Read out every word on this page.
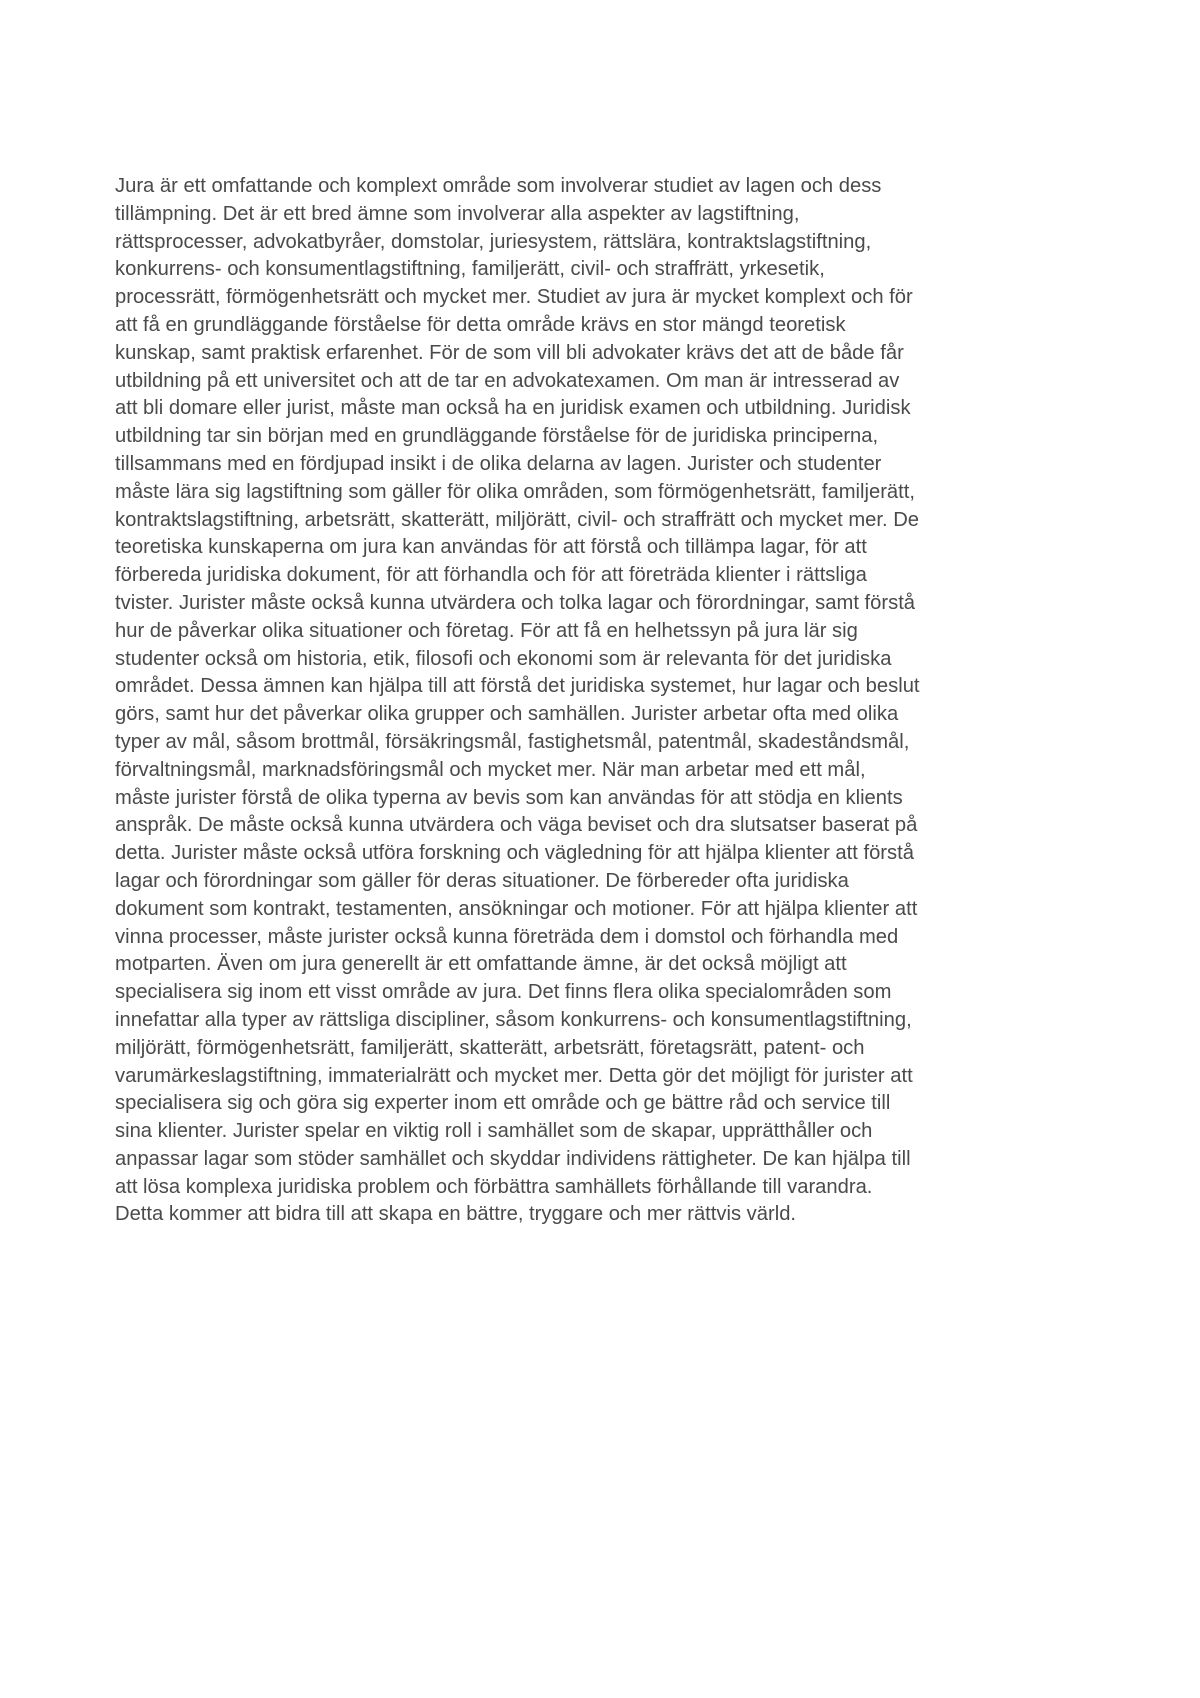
Jura är ett omfattande och komplext område som involverar studiet av lagen och dess
tillämpning. Det är ett bred ämne som involverar alla aspekter av lagstiftning,
rättsprocesser, advokatbyråer, domstolar, juriesystem, rättslära, kontraktslagstiftning,
konkurrens- och konsumentlagstiftning, familjerätt, civil- och straffrätt, yrkesetik,
processrätt, förmögenhetsrätt och mycket mer. Studiet av jura är mycket komplext och för
att få en grundläggande förståelse för detta område krävs en stor mängd teoretisk
kunskap, samt praktisk erfarenhet. För de som vill bli advokater krävs det att de både får
utbildning på ett universitet och att de tar en advokatexamen. Om man är intresserad av
att bli domare eller jurist, måste man också ha en juridisk examen och utbildning. Juridisk
utbildning tar sin början med en grundläggande förståelse för de juridiska principerna,
tillsammans med en fördjupad insikt i de olika delarna av lagen. Jurister och studenter
måste lära sig lagstiftning som gäller för olika områden, som förmögenhetsrätt, familjerätt,
kontraktslagstiftning, arbetsrätt, skatterätt, miljörätt, civil- och straffrätt och mycket mer. De
teoretiska kunskaperna om jura kan användas för att förstå och tillämpa lagar, för att
förbereda juridiska dokument, för att förhandla och för att företräda klienter i rättsliga
tvister. Jurister måste också kunna utvärdera och tolka lagar och förordningar, samt förstå
hur de påverkar olika situationer och företag. För att få en helhetssyn på jura lär sig
studenter också om historia, etik, filosofi och ekonomi som är relevanta för det juridiska
området. Dessa ämnen kan hjälpa till att förstå det juridiska systemet, hur lagar och beslut
görs, samt hur det påverkar olika grupper och samhällen. Jurister arbetar ofta med olika
typer av mål, såsom brottmål, försäkringsmål, fastighetsmål, patentmål, skadeståndsmål,
förvaltningsmål, marknadsföringsmål och mycket mer. När man arbetar med ett mål,
måste jurister förstå de olika typerna av bevis som kan användas för att stödja en klients
anspråk. De måste också kunna utvärdera och väga beviset och dra slutsatser baserat på
detta. Jurister måste också utföra forskning och vägledning för att hjälpa klienter att förstå
lagar och förordningar som gäller för deras situationer. De förbereder ofta juridiska
dokument som kontrakt, testamenten, ansökningar och motioner. För att hjälpa klienter att
vinna processer, måste jurister också kunna företräda dem i domstol och förhandla med
motparten. Även om jura generellt är ett omfattande ämne, är det också möjligt att
specialisera sig inom ett visst område av jura. Det finns flera olika specialområden som
innefattar alla typer av rättsliga discipliner, såsom konkurrens- och konsumentlagstiftning,
miljörätt, förmögenhetsrätt, familjerätt, skatterätt, arbetsrätt, företagsrätt, patent- och
varumärkeslagstiftning, immaterialrätt och mycket mer. Detta gör det möjligt för jurister att
specialisera sig och göra sig experter inom ett område och ge bättre råd och service till
sina klienter. Jurister spelar en viktig roll i samhället som de skapar, upprätthåller och
anpassar lagar som stöder samhället och skyddar individens rättigheter. De kan hjälpa till
att lösa komplexa juridiska problem och förbättra samhällets förhållande till varandra.
Detta kommer att bidra till att skapa en bättre, tryggare och mer rättvis värld.
